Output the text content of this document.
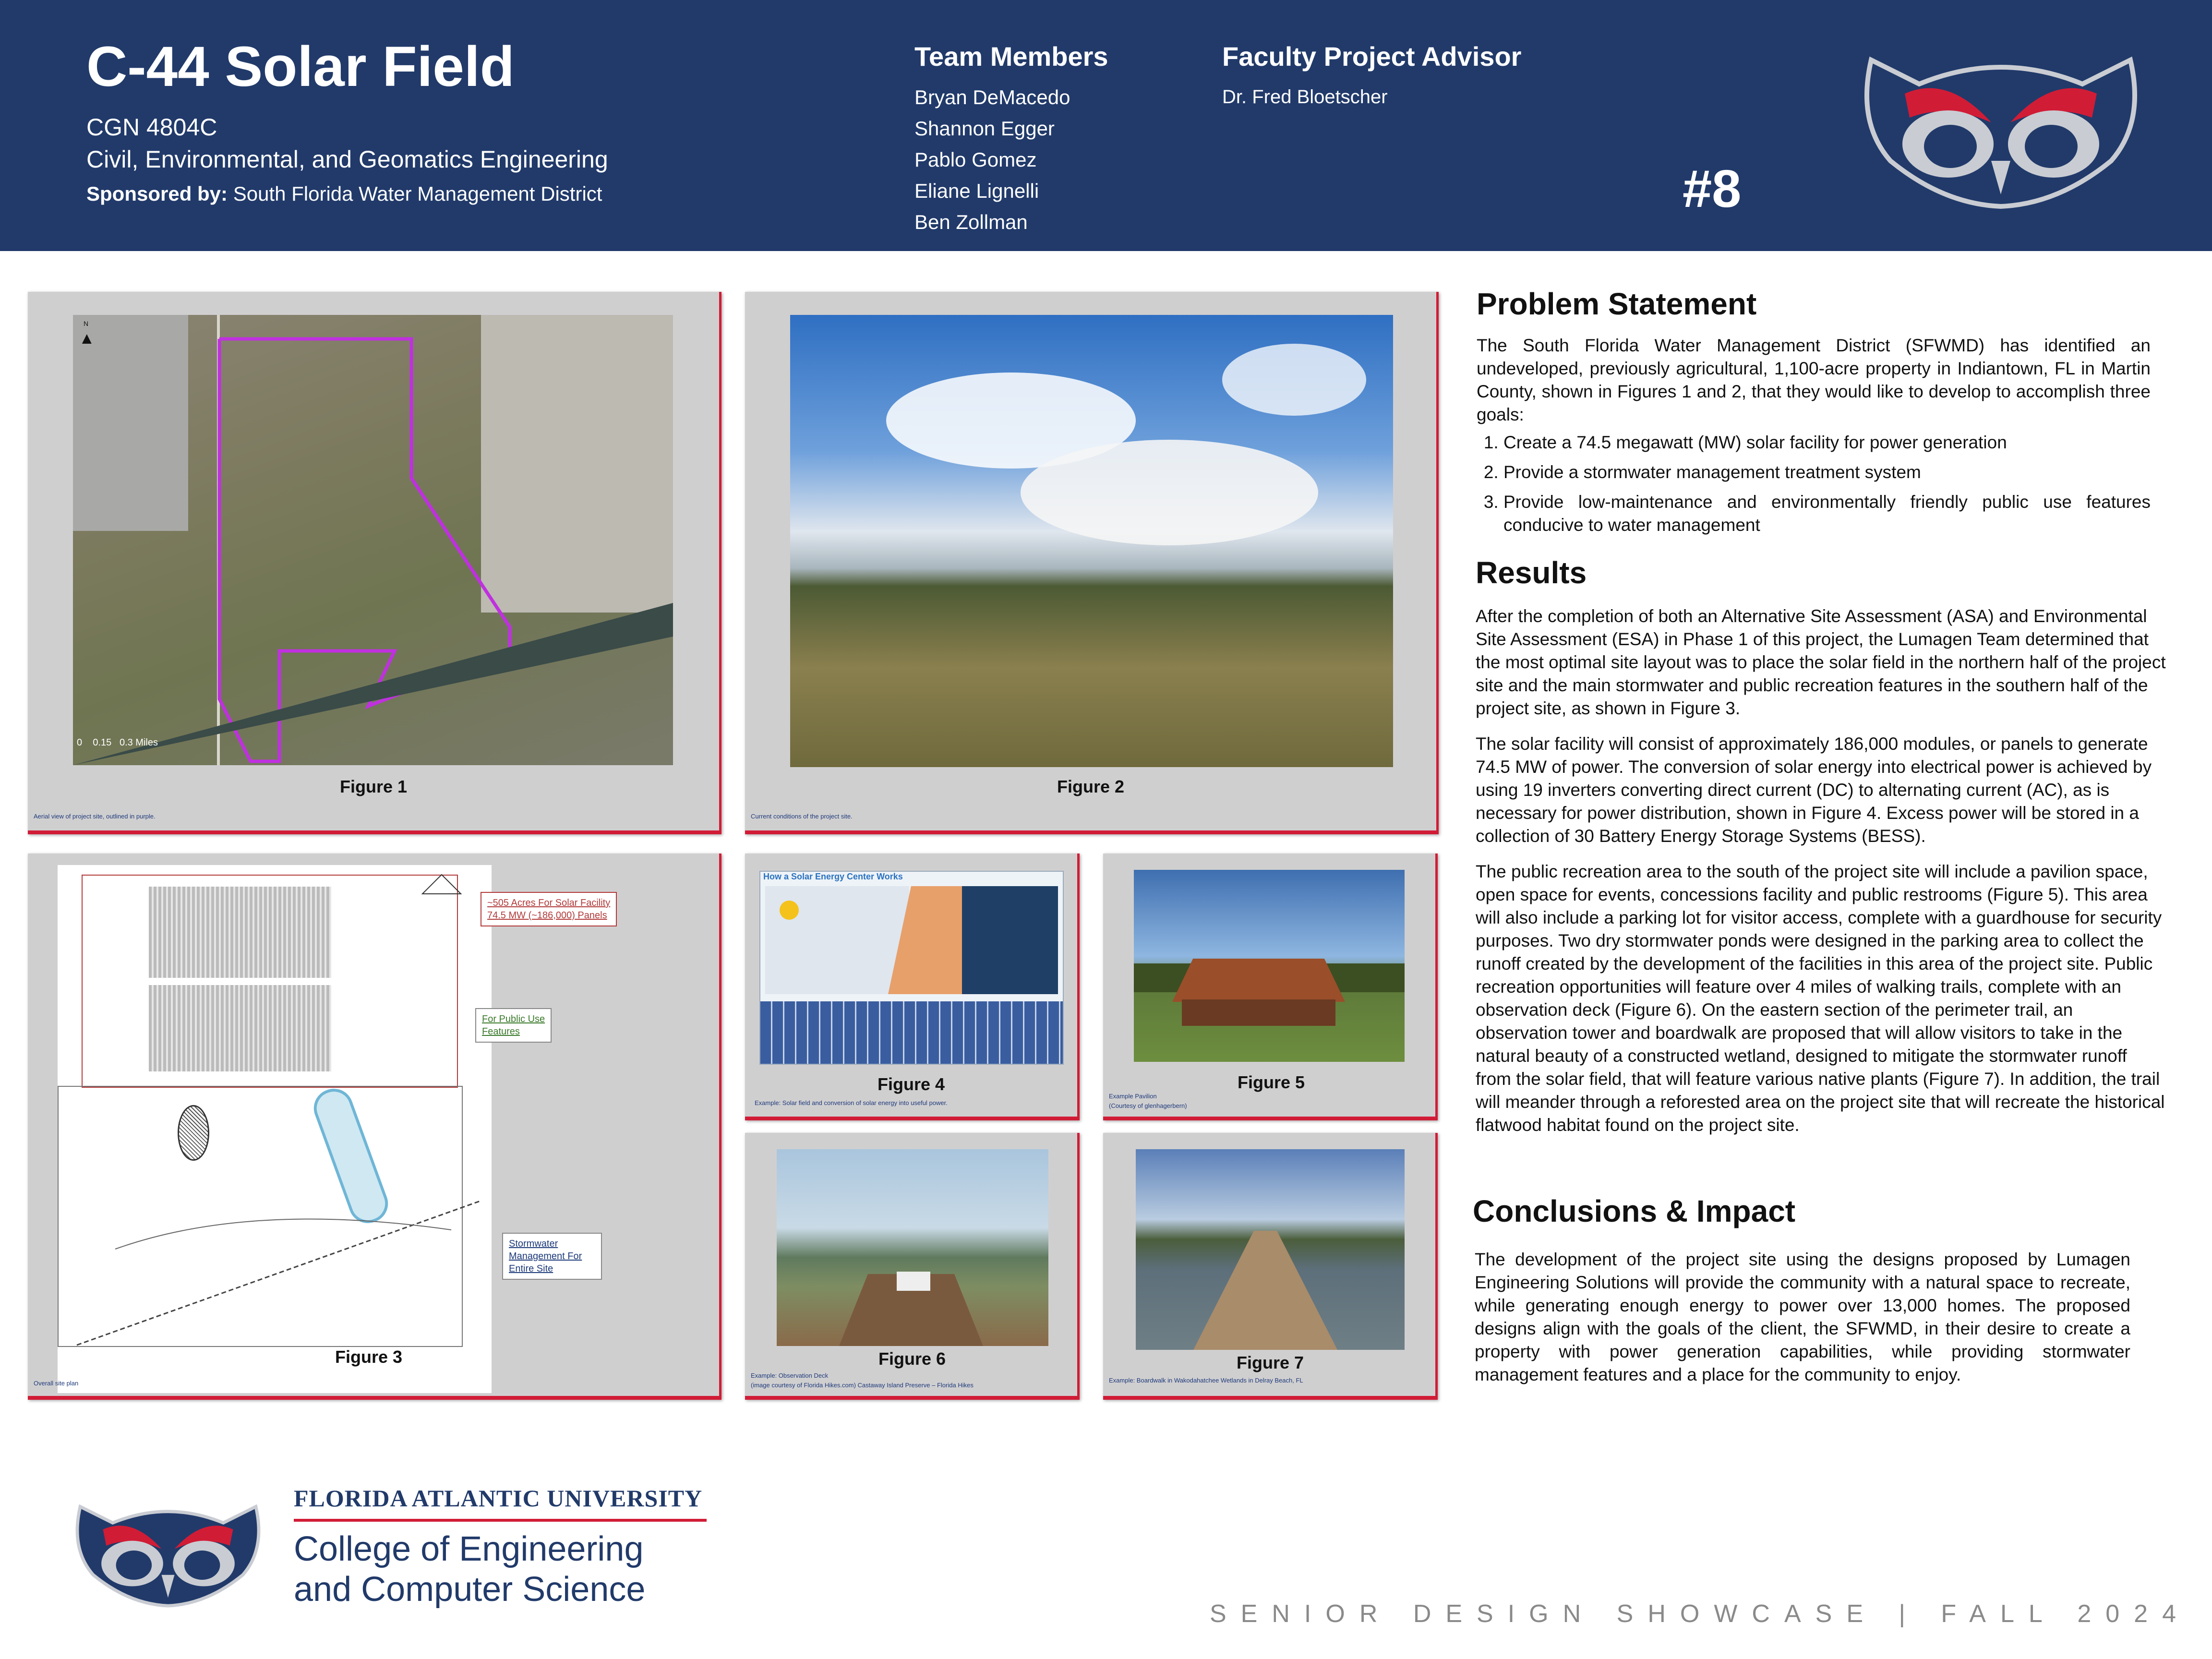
C-44 Solar Field
CGN 4804C
Civil, Environmental, and Geomatics Engineering
Sponsored by: South Florida Water Management District
Team Members
Bryan DeMacedo
Shannon Egger
Pablo Gomez
Eliane Lignelli
Ben Zollman
Faculty Project Advisor
Dr. Fred Bloetscher
#8
▲
N
0    0.15   0.3 Miles
Figure 1
Aerial view of project site, outlined in purple.
Figure 2
Current conditions of the project site.
~505 Acres For Solar Facility
74.5 MW (~186,000) Panels
For Public Use
Features
Stormwater
Management For
Entire Site
Figure 3
Overall site plan
How a Solar Energy Center Works
Figure 4
Example: Solar field and conversion of solar energy into useful power.
Figure 5
Example Pavilion
(Courtesy of glenhagerbern)
Figure 6
Example: Observation Deck
(image courtesy of Florida Hikes.com) Castaway Island Preserve – Florida Hikes
Figure 7
Example: Boardwalk in Wakodahatchee Wetlands in Delray Beach, FL
Problem Statement

The South Florida Water Management District (SFWMD) has identified an undeveloped, previously agricultural, 1,100-acre property in Indiantown, FL in Martin County, shown in Figures 1 and 2, that they would like to develop to accomplish three goals:

1. Create a 74.5 megawatt (MW) solar facility for power generation
2. Provide a stormwater management treatment system
3. Provide low-maintenance and environmentally friendly public use features conducive to water management
Results

After the completion of both an Alternative Site Assessment (ASA) and Environmental Site Assessment (ESA) in Phase 1 of this project, the Lumagen Team determined that the most optimal site layout was to place the solar field in the northern half of the project site and the main stormwater and public recreation features in the southern half of the project site, as shown in Figure 3.

The solar facility will consist of approximately 186,000 modules, or panels to generate 74.5 MW of power. The conversion of solar energy into electrical power is achieved by using 19 inverters converting direct current (DC) to alternating current (AC), as is necessary for power distribution, shown in Figure 4. Excess power will be stored in a collection of 30 Battery Energy Storage Systems (BESS).

The public recreation area to the south of the project site will include a pavilion space, open space for events, concessions facility and public restrooms (Figure 5). This area will also include a parking lot for visitor access, complete with a guardhouse for security purposes. Two dry stormwater ponds were designed in the parking area to collect the runoff created by the development of the facilities in this area of the project site. Public recreation opportunities will feature over 4 miles of walking trails, complete with an observation deck (Figure 6). On the eastern section of the perimeter trail, an observation tower and boardwalk are proposed that will allow visitors to take in the natural beauty of a constructed wetland, designed to mitigate the stormwater runoff from the solar field, that will feature various native plants (Figure 7). In addition, the trail will meander through a reforested area on the project site that will recreate the historical flatwood habitat found on the project site.

Conclusions & Impact

The development of the project site using the designs proposed by Lumagen Engineering Solutions will provide the community with a natural space to recreate, while generating enough energy to power over 13,000 homes. The proposed designs align with the goals of the client, the SFWMD, in their desire to create a property with power generation capabilities, while providing stormwater management features and a place for the community to enjoy.

FLORIDA ATLANTIC UNIVERSITY
College of Engineering
and Computer Science
SENIOR DESIGN SHOWCASE | FALL 2024
